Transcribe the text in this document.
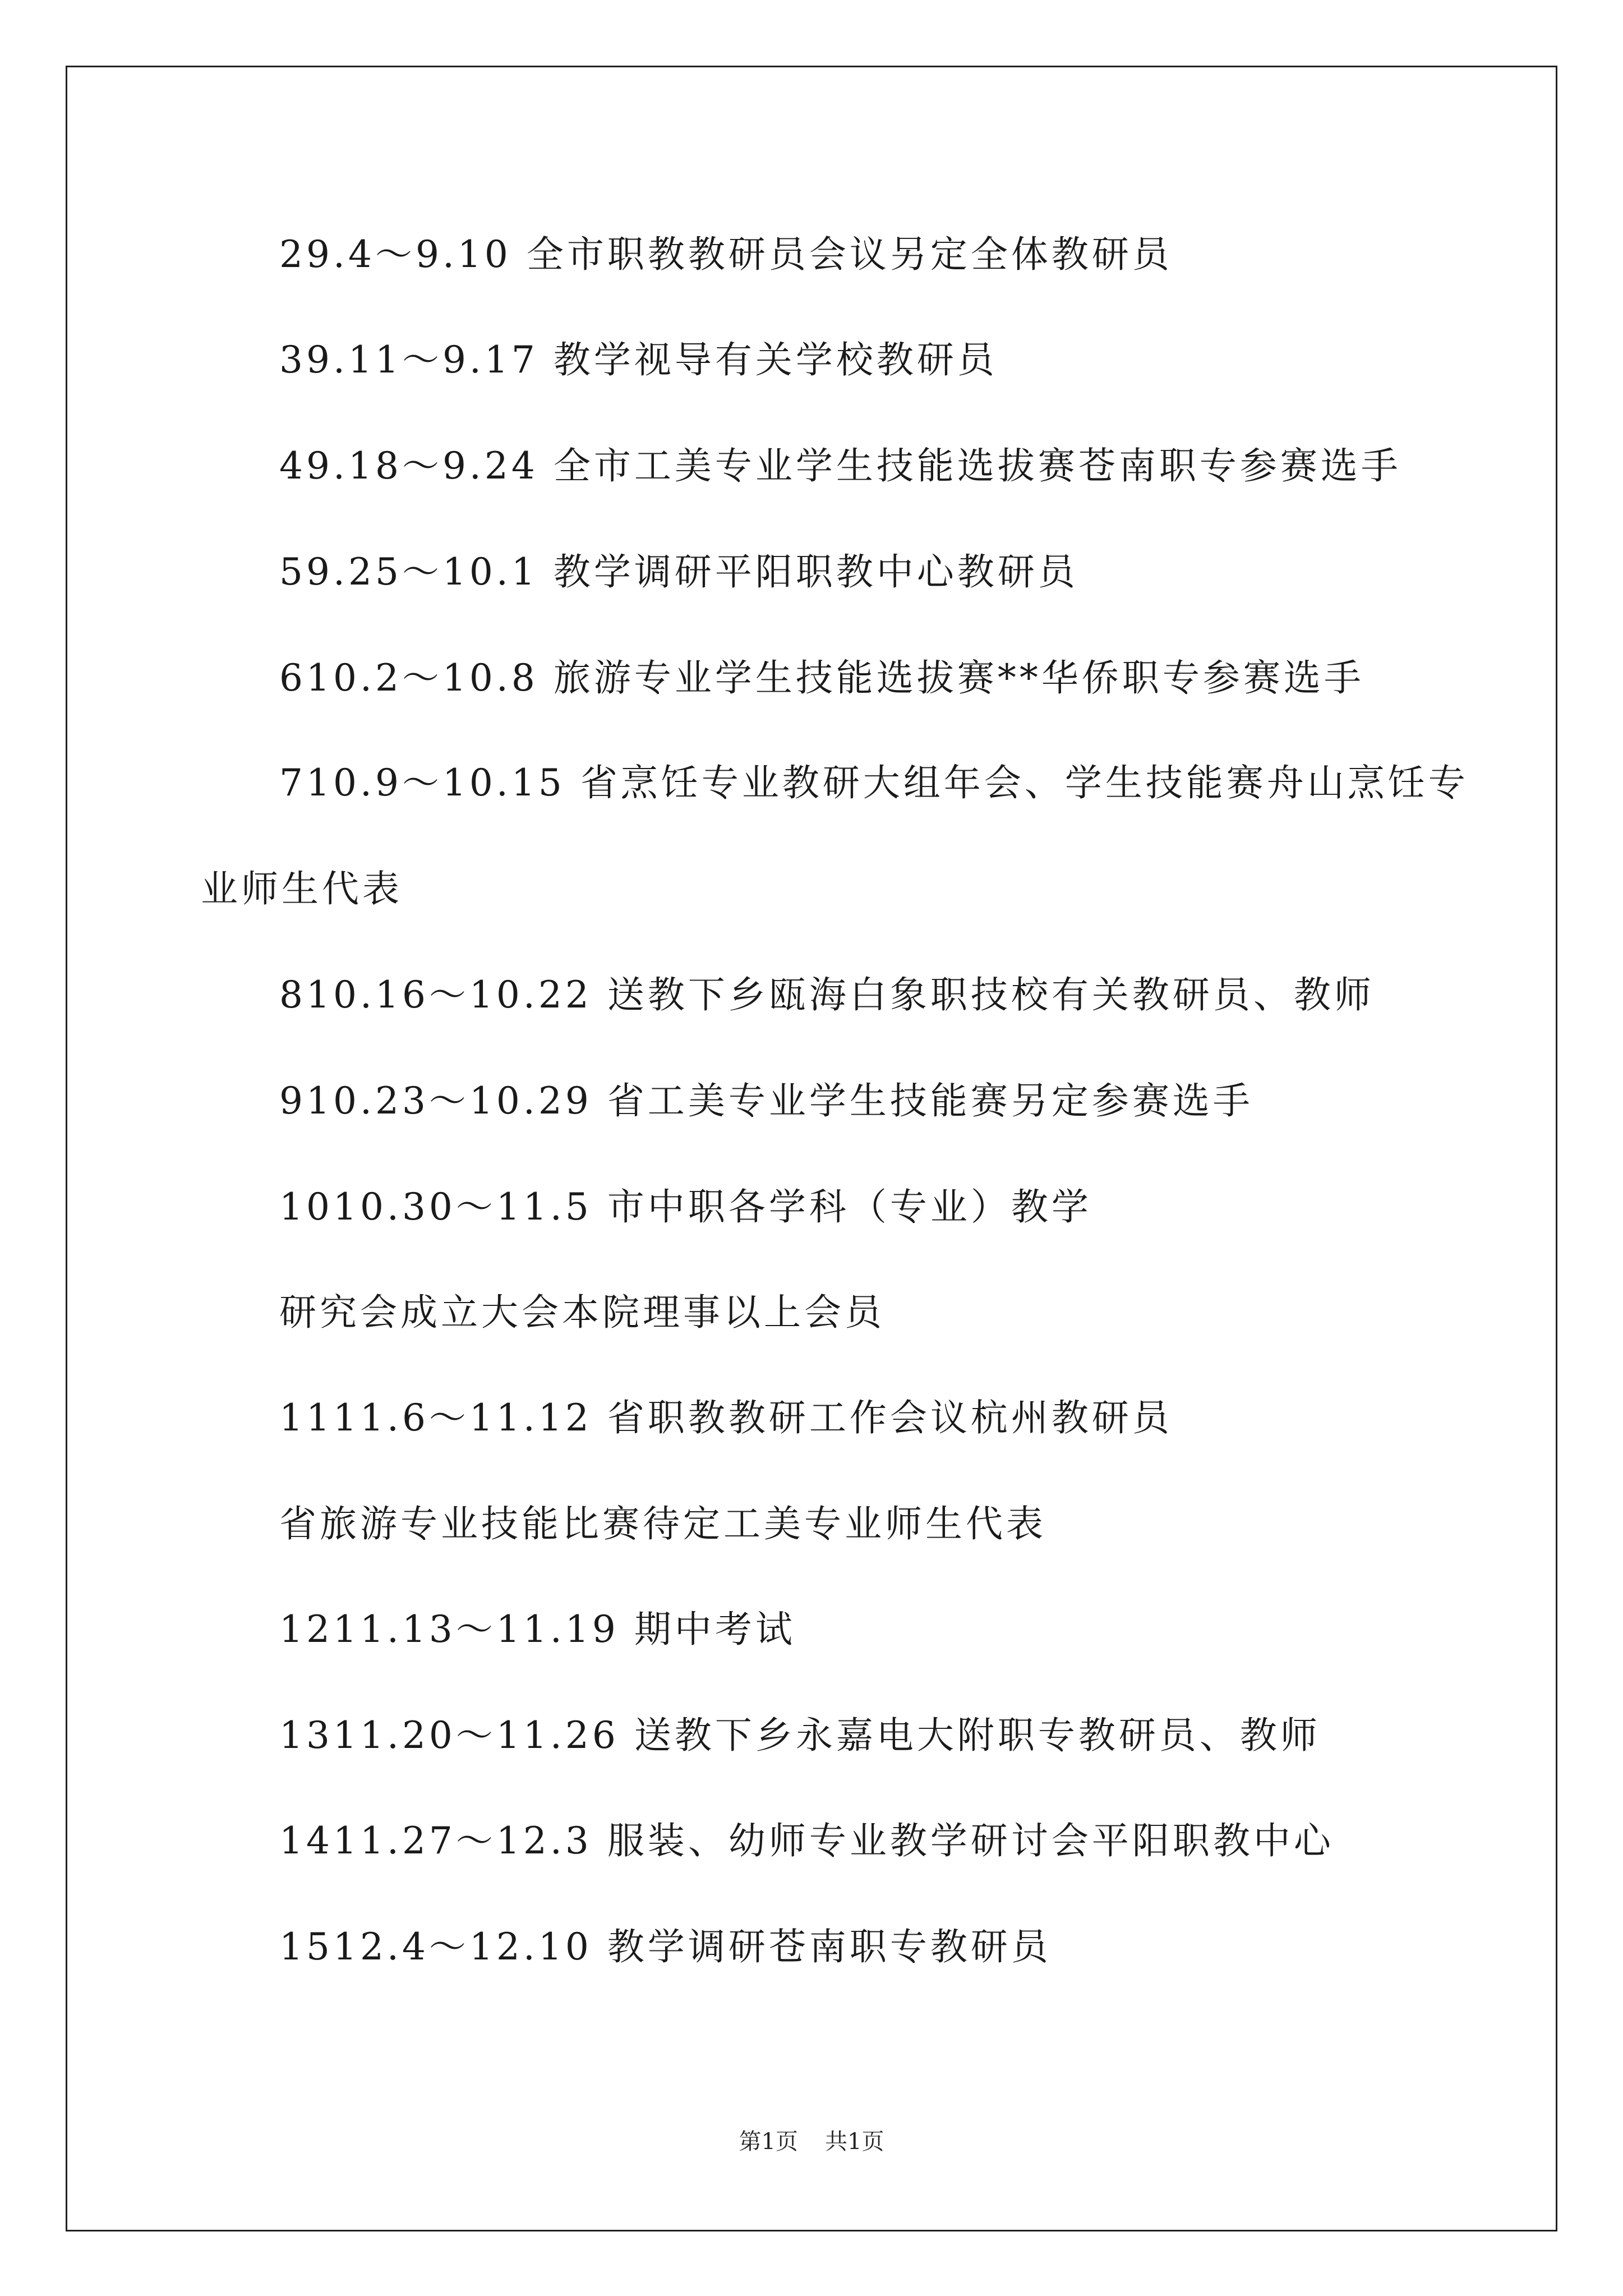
29.4～9.10 全市职教教研员会议另定全体教研员
39.11～9.17 教学视导有关学校教研员
49.18～9.24 全市工美专业学生技能选拔赛苍南职专参赛选手
59.25～10.1 教学调研平阳职教中心教研员
610.2～10.8 旅游专业学生技能选拔赛**华侨职专参赛选手
710.9～10.15 省烹饪专业教研大组年会、学生技能赛舟山烹饪专
业师生代表
810.16～10.22 送教下乡瓯海白象职技校有关教研员、教师
910.23～10.29 省工美专业学生技能赛另定参赛选手
1010.30～11.5 市中职各学科（专业）教学
研究会成立大会本院理事以上会员
1111.6～11.12 省职教教研工作会议杭州教研员
省旅游专业技能比赛待定工美专业师生代表
1211.13～11.19 期中考试
1311.20～11.26 送教下乡永嘉电大附职专教研员、教师
1411.27～12.3 服装、幼师专业教学研讨会平阳职教中心
1512.4～12.10 教学调研苍南职专教研员
第1页 共1页
